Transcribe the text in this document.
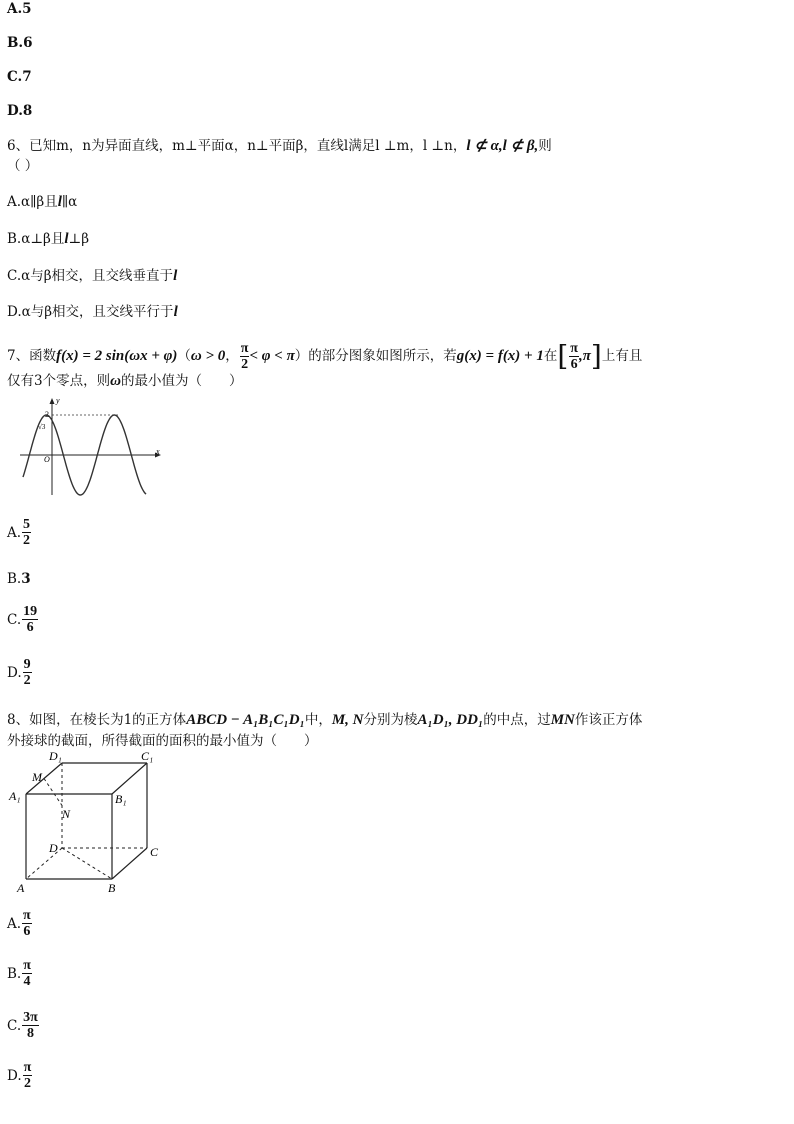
A.5
B.6
C.7
D.8
6、已知m，n为异面直线，m⊥平面α，n⊥平面β，直线l满足l ⊥m，l ⊥n，l ⊄ α,l ⊄ β,则
（ ）
A.α∥β且l∥α
B.α⊥β且l⊥β
C.α与β相交，且交线垂直于l
D.α与β相交，且交线平行于l
7、函数f(x) = 2 sin(ωx + φ)（ω > 0， $\frac{\pi}{2} < \varphi < \pi$）的部分图象如图所示，若g(x) = f(x) + 1在[ $\frac{\pi}{6} ,\pi$]上有且
仅有3个零点，则ω的最小值为（　　）
y
2
√3
O
x
A. $\frac{5}{2}$
B.3
C. $\frac{19}{6}$
D. $\frac{9}{2}$
8、如图，在棱长为1的正方体ABCD − A₁B₁C₁D₁中，M, N分别为棱A₁D₁, DD₁的中点，过MN作该正方体
外接球的截面，所得截面的面积的最小值为（　　）
D₁	C₁
M
A₁	B₁
N
D	C
A	B
A. $\frac{\pi}{6}$
B. $\frac{\pi}{4}$
C. $\frac{3\pi}{8}$
D. $\frac{\pi}{2}$
